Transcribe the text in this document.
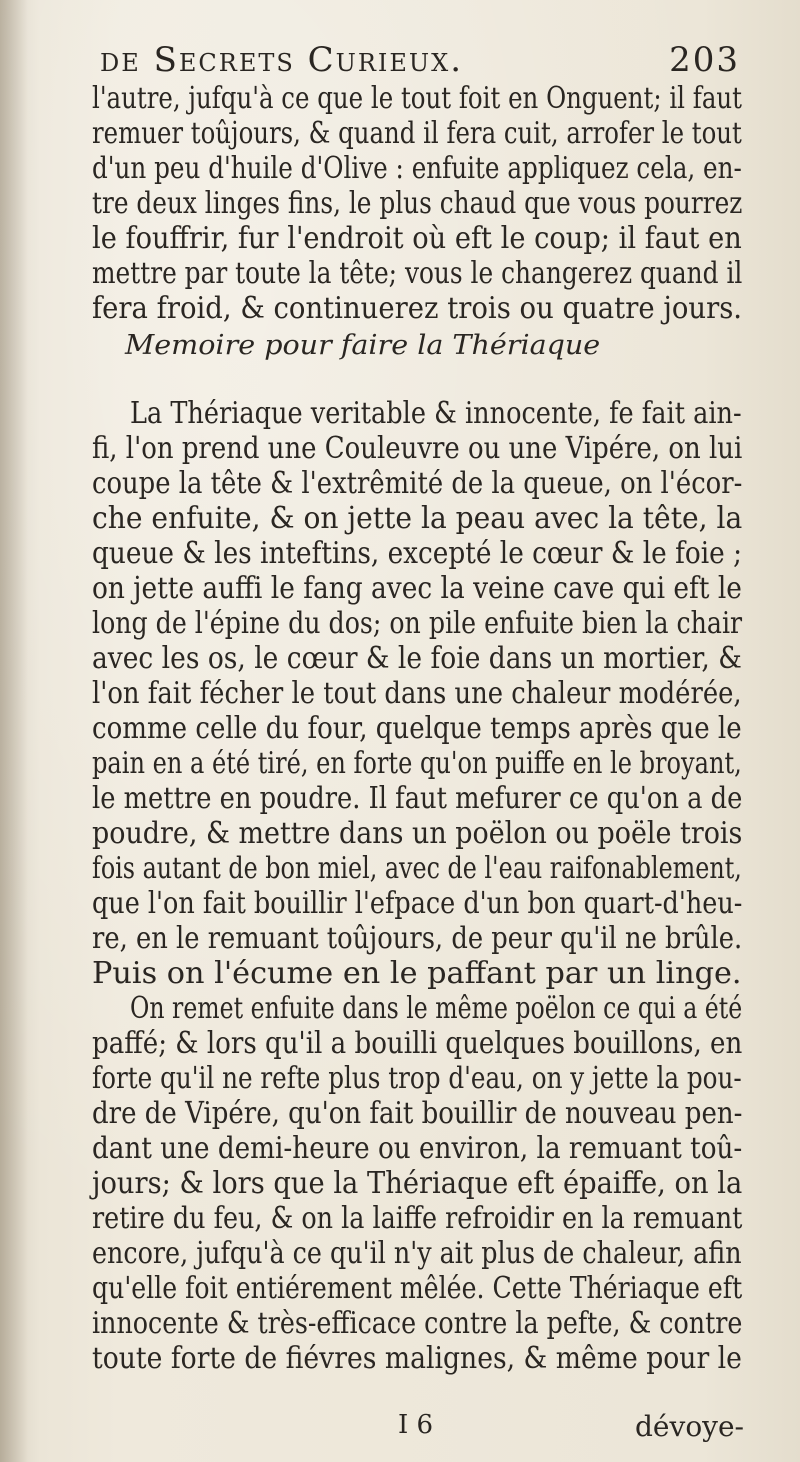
de Secrets Curieux.	203
l'autre, jufqu'à ce que le tout foit en Onguent; il faut
remuer toûjours, & quand il fera cuit, arrofer le tout
d'un peu d'huile d'Olive : enfuite appliquez cela, en-
tre deux linges fins, le plus chaud que vous pourrez
le fouffrir, fur l'endroit où eft le coup; il faut en
mettre par toute la tête; vous le changerez quand il
fera froid, & continuerez trois ou quatre jours.
Memoire pour faire la Thériaque
La Thériaque veritable & innocente, fe fait ain-
fi, l'on prend une Couleuvre ou une Vipére, on lui
coupe la tête & l'extrêmité de la queue, on l'écor-
che enfuite, & on jette la peau avec la tête, la
queue & les inteftins, excepté le cœur & le foie ;
on jette auffi le fang avec la veine cave qui eft le
long de l'épine du dos; on pile enfuite bien la chair
avec les os, le cœur & le foie dans un mortier, &
l'on fait fécher le tout dans une chaleur modérée,
comme celle du four, quelque temps après que le
pain en a été tiré, en forte qu'on puiffe en le broyant,
le mettre en poudre. Il faut mefurer ce qu'on a de
poudre, & mettre dans un poëlon ou poële trois
fois autant de bon miel, avec de l'eau raifonablement,
que l'on fait bouillir l'efpace d'un bon quart-d'heu-
re, en le remuant toûjours, de peur qu'il ne brûle.
Puis on l'écume en le paffant par un linge.
On remet enfuite dans le même poëlon ce qui a été
paffé; & lors qu'il a bouilli quelques bouillons, en
forte qu'il ne refte plus trop d'eau, on y jette la pou-
dre de Vipére, qu'on fait bouillir de nouveau pen-
dant une demi-heure ou environ, la remuant toû-
jours; & lors que la Thériaque eft épaiffe, on la
retire du feu, & on la laiffe refroidir en la remuant
encore, jufqu'à ce qu'il n'y ait plus de chaleur, afin
qu'elle foit entiérement mêlée. Cette Thériaque eft
innocente & très-efficace contre la pefte, & contre
toute forte de fiévres malignes, & même pour le
I 6	dévoye-
